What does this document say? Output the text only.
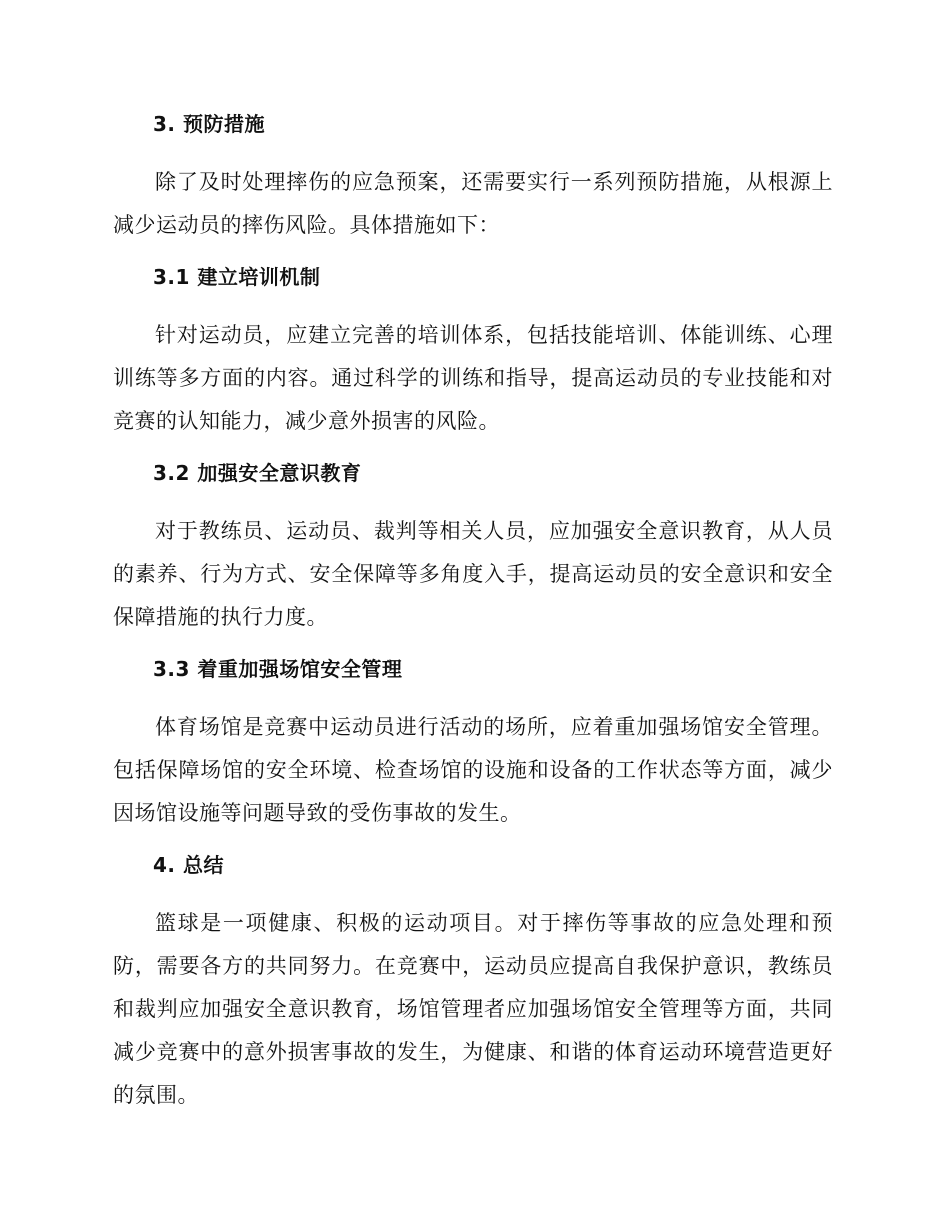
3. 预防措施

除了及时处理摔伤的应急预案，还需要实行一系列预防措施，从根源上减少运动员的摔伤风险。具体措施如下：

3.1 建立培训机制

针对运动员，应建立完善的培训体系，包括技能培训、体能训练、心理训练等多方面的内容。通过科学的训练和指导，提高运动员的专业技能和对竞赛的认知能力，减少意外损害的风险。

3.2 加强安全意识教育

对于教练员、运动员、裁判等相关人员，应加强安全意识教育，从人员的素养、行为方式、安全保障等多角度入手，提高运动员的安全意识和安全保障措施的执行力度。

3.3 着重加强场馆安全管理

体育场馆是竞赛中运动员进行活动的场所，应着重加强场馆安全管理。包括保障场馆的安全环境、检查场馆的设施和设备的工作状态等方面，减少因场馆设施等问题导致的受伤事故的发生。

4. 总结

篮球是一项健康、积极的运动项目。对于摔伤等事故的应急处理和预防，需要各方的共同努力。在竞赛中，运动员应提高自我保护意识，教练员和裁判应加强安全意识教育，场馆管理者应加强场馆安全管理等方面，共同减少竞赛中的意外损害事故的发生，为健康、和谐的体育运动环境营造更好的氛围。
